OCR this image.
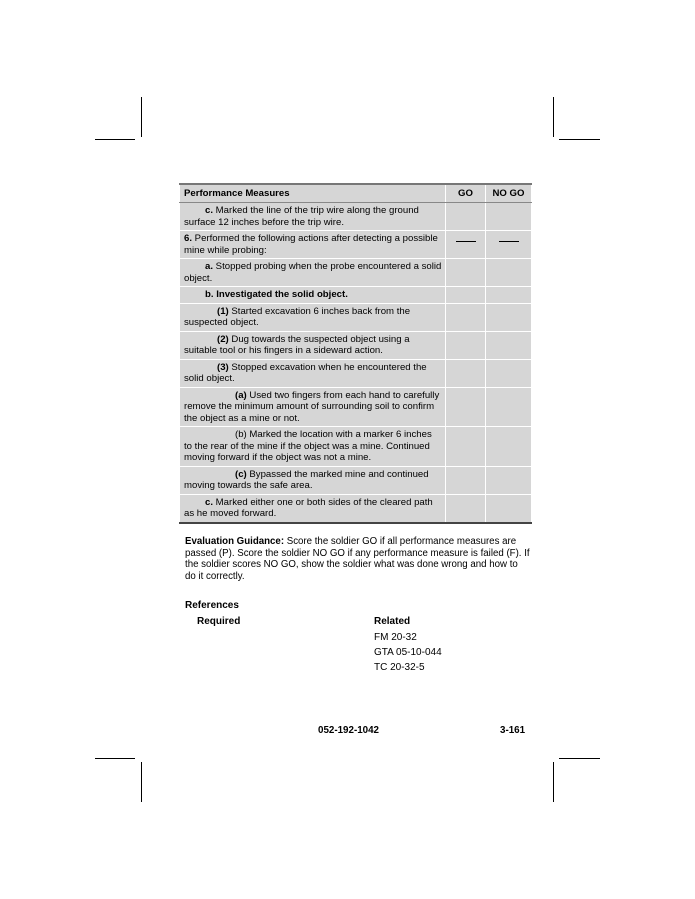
Performance Measures	GO	NO GO
c. Marked the line of the trip wire along the ground surface 12 inches before the trip wire.		
6. Performed the following actions after detecting a possible mine while probing:		
a. Stopped probing when the probe encountered a solid object.		
b. Investigated the solid object.		
(1) Started excavation 6 inches back from the suspected object.		
(2) Dug towards the suspected object using a suitable tool or his fingers in a sideward action.		
(3) Stopped excavation when he encountered the solid object.		
(a) Used two fingers from each hand to carefully remove the minimum amount of surrounding soil to confirm the object as a mine or not.		
(b) Marked the location with a marker 6 inches to the rear of the mine if the object was a mine. Continued moving forward if the object was not a mine.		
(c) Bypassed the marked mine and continued moving towards the safe area.		
c. Marked either one or both sides of the cleared path as he moved forward.		
Evaluation Guidance: Score the soldier GO if all performance measures are passed (P). Score the soldier NO GO if any performance measure is failed (F). If the soldier scores NO GO, show the soldier what was done wrong and how to do it correctly.
References
Required	Related
FM 20-32
GTA 05-10-044
TC 20-32-5
052-192-1042	3-161
